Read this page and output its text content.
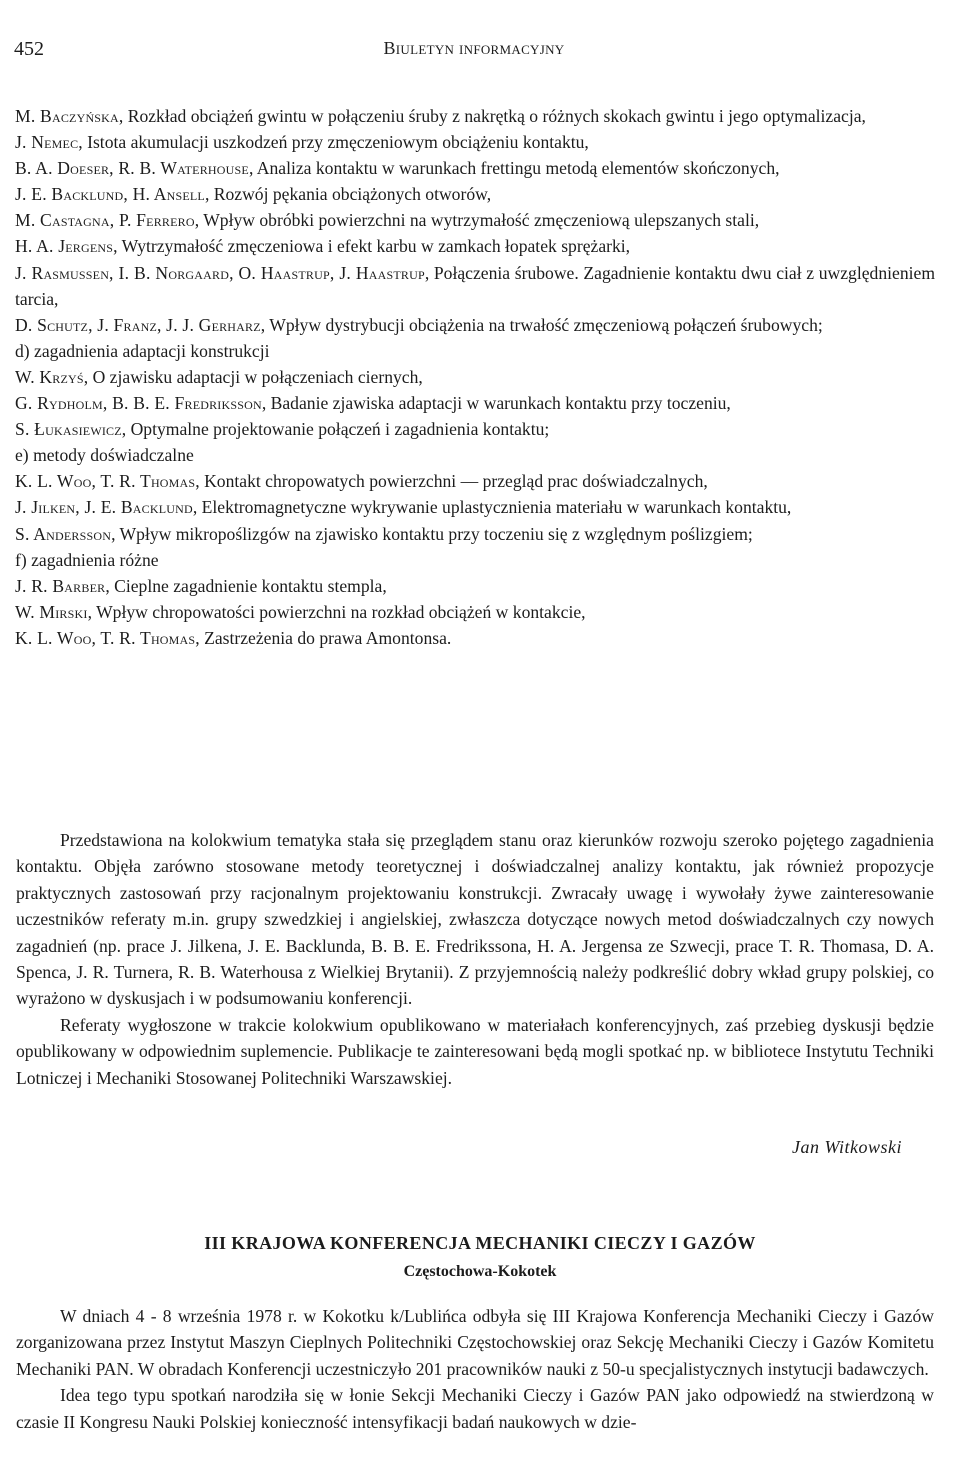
452	Biuletyn informacyjny

M. Baczyńska, Rozkład obciążeń gwintu w połączeniu śruby z nakrętką o różnych skokach gwintu i jego optymalizacja,

J. Nemec, Istota akumulacji uszkodzeń przy zmęczeniowym obciążeniu kontaktu,

B. A. Doeser, R. B. Waterhouse, Analiza kontaktu w warunkach frettingu metodą elementów skończonych,

J. E. Backlund, H. Ansell, Rozwój pękania obciążonych otworów,

M. Castagna, P. Ferrero, Wpływ obróbki powierzchni na wytrzymałość zmęczeniową ulepszanych stali,

H. A. Jergens, Wytrzymałość zmęczeniowa i efekt karbu w zamkach łopatek sprężarki,

J. Rasmussen, I. B. Norgaard, O. Haastrup, J. Haastrup, Połączenia śrubowe. Zagadnienie kontaktu dwu ciał z uwzględnieniem tarcia,

D. Schutz, J. Franz, J. J. Gerharz, Wpływ dystrybucji obciążenia na trwałość zmęczeniową połączeń śrubowych;

d) zagadnienia adaptacji konstrukcji

W. Krzyś, O zjawisku adaptacji w połączeniach ciernych,

G. Rydholm, B. B. E. Fredriksson, Badanie zjawiska adaptacji w warunkach kontaktu przy toczeniu,

S. Łukasiewicz, Optymalne projektowanie połączeń i zagadnienia kontaktu;

e) metody doświadczalne

K. L. Woo, T. R. Thomas, Kontakt chropowatych powierzchni — przegląd prac doświadczalnych,

J. Jilken, J. E. Backlund, Elektromagnetyczne wykrywanie uplastycznienia materiału w warunkach kontaktu,

S. Andersson, Wpływ mikropoślizgów na zjawisko kontaktu przy toczeniu się z względnym poślizgiem;

f) zagadnienia różne

J. R. Barber, Cieplne zagadnienie kontaktu stempla,

W. Mirski, Wpływ chropowatości powierzchni na rozkład obciążeń w kontakcie,

K. L. Woo, T. R. Thomas, Zastrzeżenia do prawa Amontonsa.

Przedstawiona na kolokwium tematyka stała się przeglądem stanu oraz kierunków rozwoju szeroko pojętego zagadnienia kontaktu. Objęła zarówno stosowane metody teoretycznej i doświadczalnej analizy kontaktu, jak również propozycje praktycznych zastosowań przy racjonalnym projektowaniu konstrukcji. Zwracały uwagę i wywołały żywe zainteresowanie uczestników referaty m.in. grupy szwedzkiej i angielskiej, zwłaszcza dotyczące nowych metod doświadczalnych czy nowych zagadnień (np. prace J. Jilkena, J. E. Backlunda, B. B. E. Fredrikssona, H. A. Jergensa ze Szwecji, prace T. R. Thomasa, D. A. Spenca, J. R. Turnera, R. B. Waterhousa z Wielkiej Brytanii). Z przyjemnością należy podkreślić dobry wkład grupy polskiej, co wyrażono w dyskusjach i w podsumowaniu konferencji.

Referaty wygłoszone w trakcie kolokwium opublikowano w materiałach konferencyjnych, zaś przebieg dyskusji będzie opublikowany w odpowiednim suplemencie. Publikacje te zainteresowani będą mogli spotkać np. w bibliotece Instytutu Techniki Lotniczej i Mechaniki Stosowanej Politechniki Warszawskiej.

Jan Witkowski
III KRAJOWA KONFERENCJA MECHANIKI CIECZY I GAZÓW
Częstochowa-Kokotek

W dniach 4 - 8 września 1978 r. w Kokotku k/Lublińca odbyła się III Krajowa Konferencja Mechaniki Cieczy i Gazów zorganizowana przez Instytut Maszyn Cieplnych Politechniki Częstochowskiej oraz Sekcję Mechaniki Cieczy i Gazów Komitetu Mechaniki PAN. W obradach Konferencji uczestniczyło 201 pracowników nauki z 50-u specjalistycznych instytucji badawczych.

Idea tego typu spotkań narodziła się w łonie Sekcji Mechaniki Cieczy i Gazów PAN jako odpowiedź na stwierdzoną w czasie II Kongresu Nauki Polskiej konieczność intensyfikacji badań naukowych w dzie-
